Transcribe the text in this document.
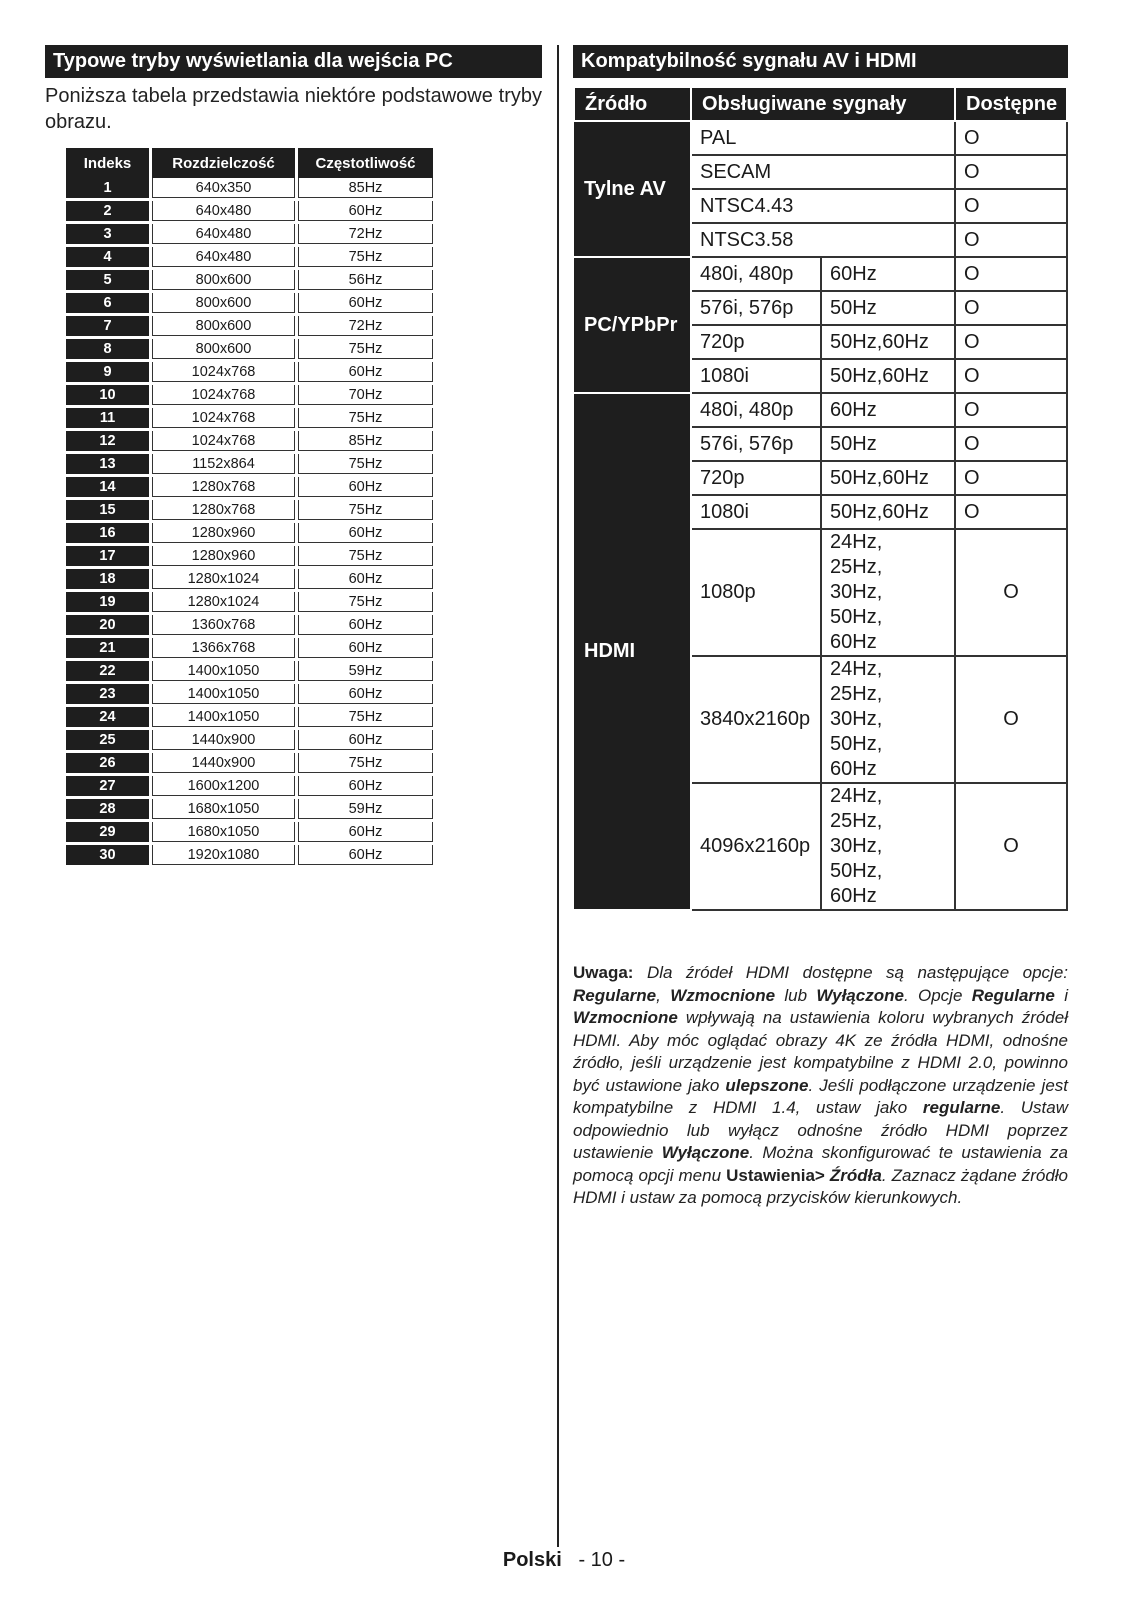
Typowe tryby wyświetlania dla wejścia PC
Poniższa tabela przedstawia niektóre podstawowe tryby obrazu.
Indeks	Rozdzielczość	Częstotliwość
1	640x350	85Hz

2	640x480	60Hz

3	640x480	72Hz

4	640x480	75Hz

5	800x600	56Hz

6	800x600	60Hz

7	800x600	72Hz

8	800x600	75Hz

9	1024x768	60Hz

10	1024x768	70Hz

11	1024x768	75Hz

12	1024x768	85Hz

13	1152x864	75Hz

14	1280x768	60Hz

15	1280x768	75Hz

16	1280x960	60Hz

17	1280x960	75Hz

18	1280x1024	60Hz

19	1280x1024	75Hz

20	1360x768	60Hz

21	1366x768	60Hz

22	1400x1050	59Hz

23	1400x1050	60Hz

24	1400x1050	75Hz

25	1440x900	60Hz

26	1440x900	75Hz

27	1600x1200	60Hz

28	1680x1050	59Hz

29	1680x1050	60Hz

30	1920x1080	60Hz
Kompatybilność sygnału AV i HDMI
Źródło	Obsługiwane sygnały		Dostępne
Tylne AV	PAL		O
	SECAM		O
	NTSC4.43		O
	NTSC3.58		O
PC/YPbPr	480i, 480p	60Hz	O
	576i, 576p	50Hz	O
	720p	50Hz,60Hz	O
	1080i	50Hz,60Hz	O
HDMI	480i, 480p	60Hz	O
	576i, 576p	50Hz	O
	720p	50Hz,60Hz	O
	1080i	50Hz,60Hz	O
	1080p	24Hz,
25Hz,
30Hz,
50Hz,
60Hz	O
	3840x2160p	24Hz,
25Hz,
30Hz,
50Hz,
60Hz	O
	4096x2160p	24Hz,
25Hz,
30Hz,
50Hz,
60Hz	O
Uwaga: Dla źródeł HDMI dostępne są następujące opcje: Regularne, Wzmocnione lub Wyłączone. Opcje Regularne i Wzmocnione wpływają na ustawienia koloru wybranych źródeł HDMI. Aby móc oglądać obrazy 4K ze źródła HDMI, odnośne źródło, jeśli urządzenie jest kompatybilne z HDMI 2.0, powinno być ustawione jako ulepszone. Jeśli podłączone urządzenie jest kompatybilne z HDMI 1.4, ustaw jako regularne. Ustaw odpowiednio lub wyłącz odnośne źródło HDMI poprzez ustawienie Wyłączone. Można skonfigurować te ustawienia za pomocą opcji menu Ustawienia> Źródła. Zaznacz żądane źródło HDMI i ustaw za pomocą przycisków kierunkowych.
Polski - 10 -
